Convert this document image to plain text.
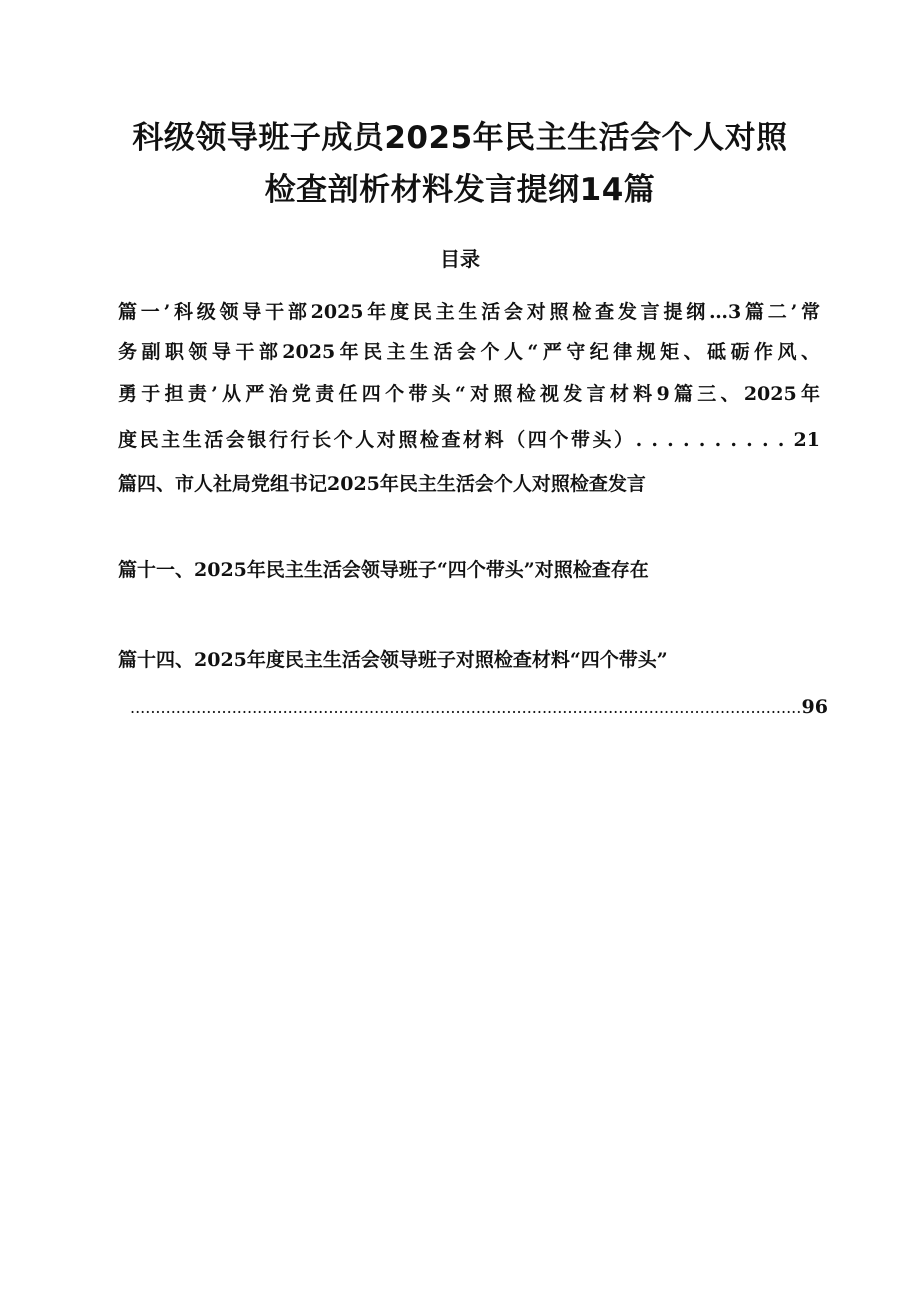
科级领导班子成员2025年民主生活会个人对照
检查剖析材料发言提纲14篇
目录
篇一’科级领导干部2025年度民主生活会对照检查发言提纲…3篇二’常
务副职领导干部2025年民主生活会个人“严守纪律规矩、砥砺作风、
勇于担责’从严治党责任四个带头“对照检视发言材料9篇三、2025年
度民主生活会银行行长个人对照检查材料（四个带头）. . . . . . . . . . 21
篇四、市人社局党组书记2025年民主生活会个人对照检查发言
篇十一、2025年民主生活会领导班子“四个带头”对照检查存在
篇十四、2025年度民主生活会领导班子对照检查材料“四个带头”
.....
96
